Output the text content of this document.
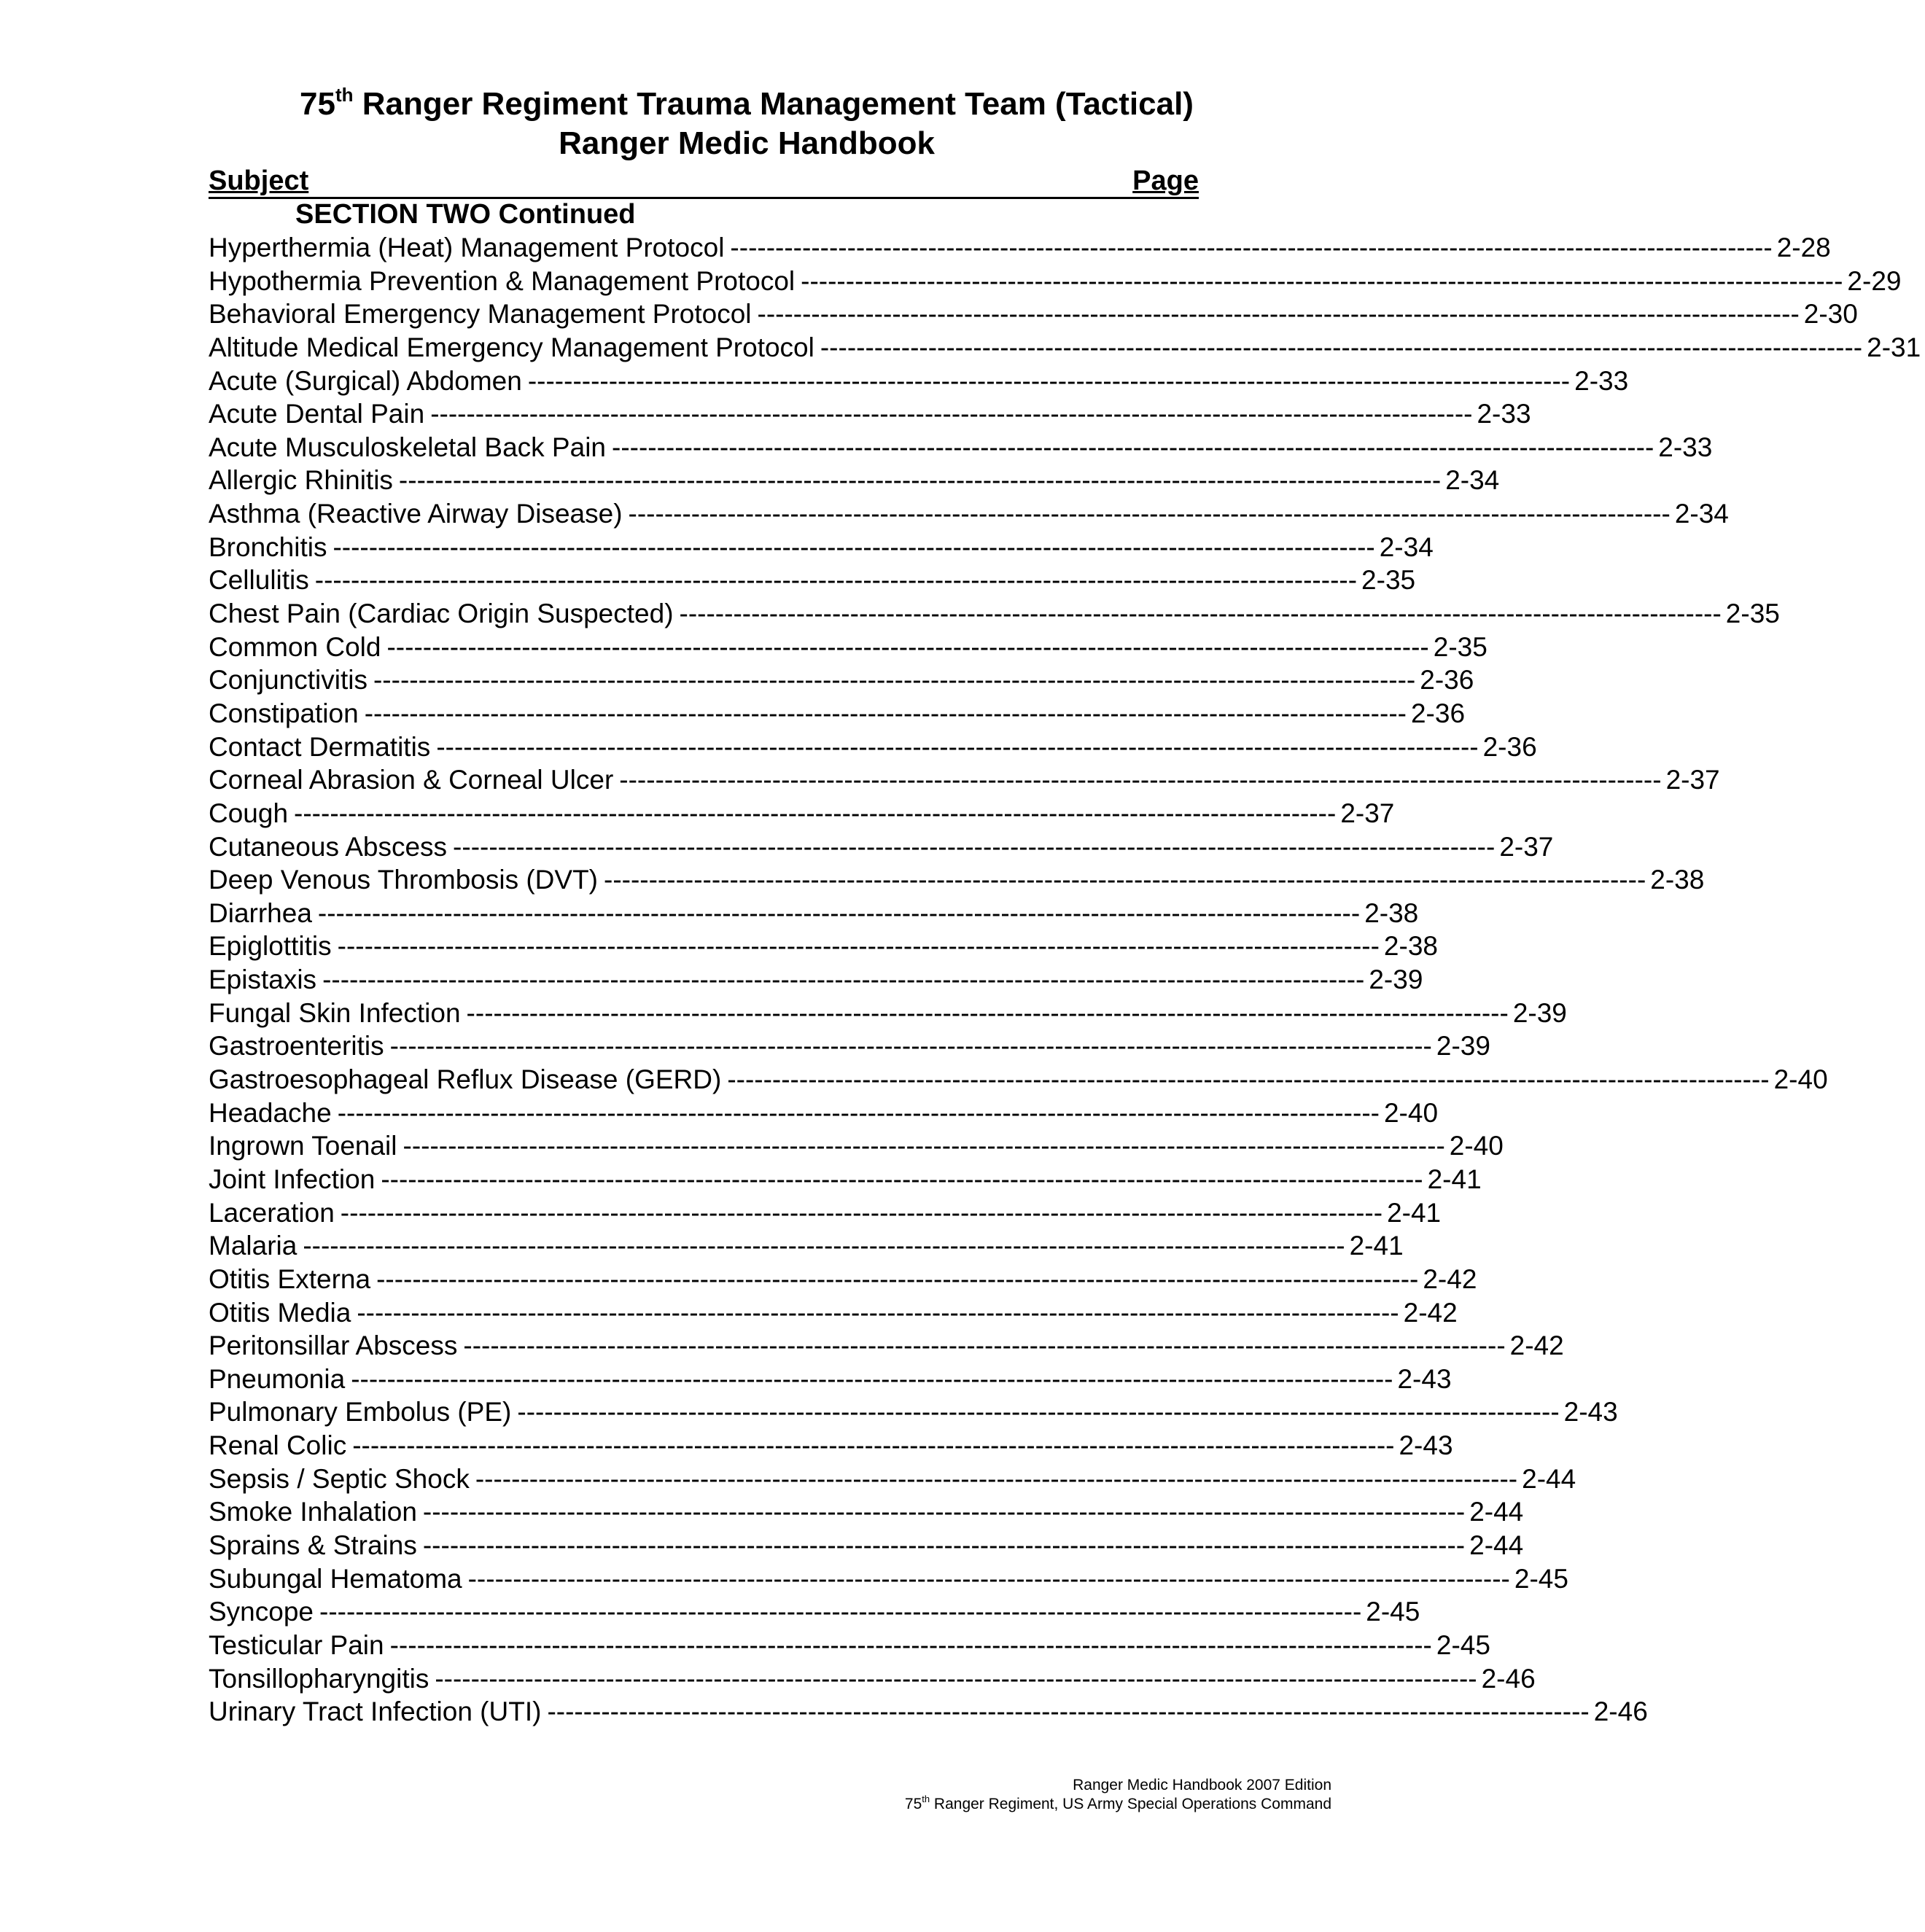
75th Ranger Regiment Trauma Management Team (Tactical)
Ranger Medic Handbook
Subject	Page
SECTION TWO Continued
Hyperthermia (Heat) Management Protocol -------------------------------------------------------------------------------------------------------------------- 2-28
Hypothermia Prevention & Management Protocol -------------------------------------------------------------------------------------------------------------------- 2-29
Behavioral Emergency Management Protocol -------------------------------------------------------------------------------------------------------------------- 2-30
Altitude Medical Emergency Management Protocol -------------------------------------------------------------------------------------------------------------------- 2-31
Acute (Surgical) Abdomen -------------------------------------------------------------------------------------------------------------------- 2-33
Acute Dental Pain -------------------------------------------------------------------------------------------------------------------- 2-33
Acute Musculoskeletal Back Pain -------------------------------------------------------------------------------------------------------------------- 2-33
Allergic Rhinitis -------------------------------------------------------------------------------------------------------------------- 2-34
Asthma (Reactive Airway Disease) -------------------------------------------------------------------------------------------------------------------- 2-34
Bronchitis -------------------------------------------------------------------------------------------------------------------- 2-34
Cellulitis -------------------------------------------------------------------------------------------------------------------- 2-35
Chest Pain (Cardiac Origin Suspected) -------------------------------------------------------------------------------------------------------------------- 2-35
Common Cold -------------------------------------------------------------------------------------------------------------------- 2-35
Conjunctivitis -------------------------------------------------------------------------------------------------------------------- 2-36
Constipation -------------------------------------------------------------------------------------------------------------------- 2-36
Contact Dermatitis -------------------------------------------------------------------------------------------------------------------- 2-36
Corneal Abrasion & Corneal Ulcer -------------------------------------------------------------------------------------------------------------------- 2-37
Cough -------------------------------------------------------------------------------------------------------------------- 2-37
Cutaneous Abscess -------------------------------------------------------------------------------------------------------------------- 2-37
Deep Venous Thrombosis (DVT) -------------------------------------------------------------------------------------------------------------------- 2-38
Diarrhea -------------------------------------------------------------------------------------------------------------------- 2-38
Epiglottitis -------------------------------------------------------------------------------------------------------------------- 2-38
Epistaxis -------------------------------------------------------------------------------------------------------------------- 2-39
Fungal Skin Infection -------------------------------------------------------------------------------------------------------------------- 2-39
Gastroenteritis -------------------------------------------------------------------------------------------------------------------- 2-39
Gastroesophageal Reflux Disease (GERD) -------------------------------------------------------------------------------------------------------------------- 2-40
Headache -------------------------------------------------------------------------------------------------------------------- 2-40
Ingrown Toenail -------------------------------------------------------------------------------------------------------------------- 2-40
Joint Infection -------------------------------------------------------------------------------------------------------------------- 2-41
Laceration -------------------------------------------------------------------------------------------------------------------- 2-41
Malaria -------------------------------------------------------------------------------------------------------------------- 2-41
Otitis Externa -------------------------------------------------------------------------------------------------------------------- 2-42
Otitis Media -------------------------------------------------------------------------------------------------------------------- 2-42
Peritonsillar Abscess -------------------------------------------------------------------------------------------------------------------- 2-42
Pneumonia -------------------------------------------------------------------------------------------------------------------- 2-43
Pulmonary Embolus (PE) -------------------------------------------------------------------------------------------------------------------- 2-43
Renal Colic -------------------------------------------------------------------------------------------------------------------- 2-43
Sepsis / Septic Shock -------------------------------------------------------------------------------------------------------------------- 2-44
Smoke Inhalation -------------------------------------------------------------------------------------------------------------------- 2-44
Sprains & Strains -------------------------------------------------------------------------------------------------------------------- 2-44
Subungal Hematoma -------------------------------------------------------------------------------------------------------------------- 2-45
Syncope -------------------------------------------------------------------------------------------------------------------- 2-45
Testicular Pain -------------------------------------------------------------------------------------------------------------------- 2-45
Tonsillopharyngitis -------------------------------------------------------------------------------------------------------------------- 2-46
Urinary Tract Infection (UTI) -------------------------------------------------------------------------------------------------------------------- 2-46
Ranger Medic Handbook 2007 Edition
75th Ranger Regiment, US Army Special Operations Command
